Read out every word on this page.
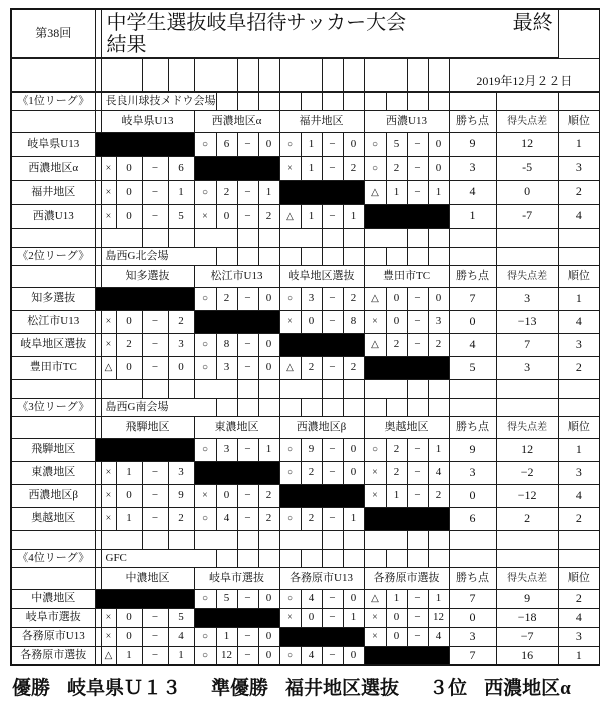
第38回		中学生選抜岐阜招待サッカー大会 最終
結果																		

																		2019年12月２２日		
《1位リーグ》		長良川球技メドウ会場																		
		岐阜県U13				西濃地区α				福井地区				西濃U13				勝ち点	得失点差	順位
岐阜県U13						○	6	−	0	○	1	−	0	○	5	−	0	9	12	1
西濃地区α		×	0	−	6					×	1	−	2	○	2	−	0	3	-5	3
福井地区		×	0	−	1	○	2	−	1					△	1	−	1	4	0	2
西濃U13		×	0	−	5	×	0	−	2	△	1	−	1					1	-7	4

《2位リーグ》		島西G北会場																		
		知多選抜				松江市U13				岐阜地区選抜				豊田市TC				勝ち点	得失点差	順位
知多選抜						○	2	−	0	○	3	−	2	△	0	−	0	7	3	1
松江市U13		×	0	−	2					×	0	−	8	×	0	−	3	0	−13	4
岐阜地区選抜		×	2	−	3	○	8	−	0					△	2	−	2	4	7	3
豊田市TC		△	0	−	0	○	3	−	0	△	2	−	2					5	3	2

《3位リーグ》		島西G南会場																		
		飛騨地区				東濃地区				西濃地区β				奥越地区				勝ち点	得失点差	順位
飛騨地区						○	3	−	1	○	9	−	0	○	2	−	1	9	12	1
東濃地区		×	1	−	3					○	2	−	0	×	2	−	4	3	−2	3
西濃地区β		×	0	−	9	×	0	−	2					×	1	−	2	0	−12	4
奥越地区		×	1	−	2	○	4	−	2	○	2	−	1					6	2	2

《4位リーグ》		GFC																		
		中濃地区				岐阜市選抜				各務原市U13				各務原市選抜				勝ち点	得失点差	順位
中濃地区						○	5	−	0	○	4	−	0	△	1	−	1	7	9	2
岐阜市選抜		×	0	−	5					×	0	−	1	×	0	−	12	0	−18	4
各務原市U13		×	0	−	4	○	1	−	0					×	0	−	4	3	−7	3
各務原市選抜		△	1	−	1	○	12	−	0	○	4	−	0					7	16	1
優勝 岐阜県Ｕ１３ 準優勝 福井地区選抜 ３位 西濃地区α
